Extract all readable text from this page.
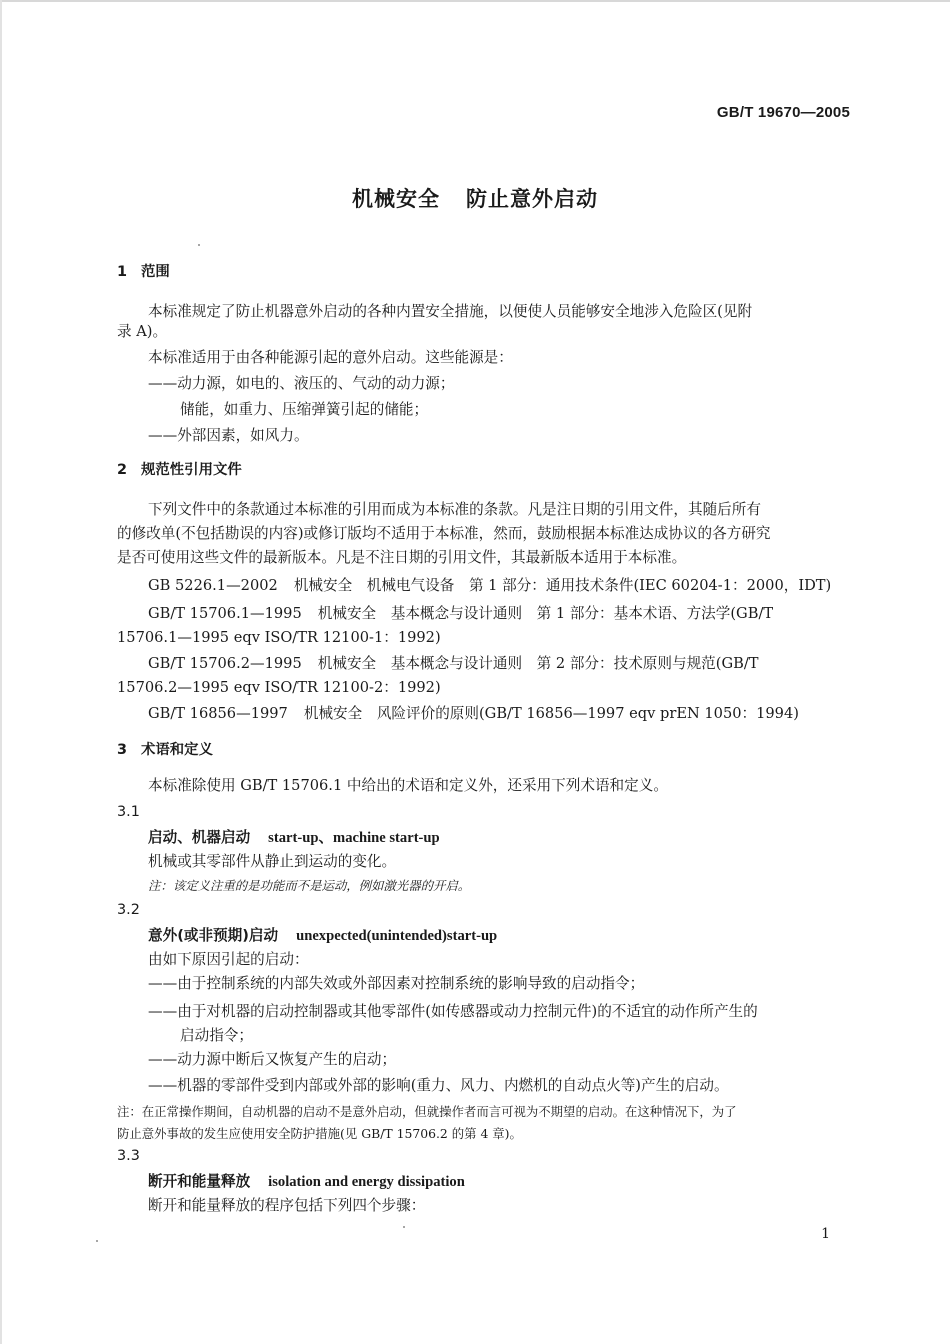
GB/T 19670—2005
机械安全 防止意外启动
1 范围
本标准规定了防止机器意外启动的各种内置安全措施，以便使人员能够安全地涉入危险区(见附
录 A)。
本标准适用于由各种能源引起的意外启动。这些能源是：
——动力源，如电的、液压的、气动的动力源；
储能，如重力、压缩弹簧引起的储能；
——外部因素，如风力。
2 规范性引用文件
下列文件中的条款通过本标准的引用而成为本标准的条款。凡是注日期的引用文件，其随后所有
的修改单(不包括勘误的内容)或修订版均不适用于本标准，然而，鼓励根据本标准达成协议的各方研究
是否可使用这些文件的最新版本。凡是不注日期的引用文件，其最新版本适用于本标准。
GB 5226.1—2002 机械安全　机械电气设备　第 1 部分：通用技术条件(IEC 60204-1：2000，IDT)
GB/T 15706.1—1995 机械安全　基本概念与设计通则　第 1 部分：基本术语、方法学(GB/T
15706.1—1995 eqv ISO/TR 12100-1：1992)
GB/T 15706.2—1995 机械安全　基本概念与设计通则　第 2 部分：技术原则与规范(GB/T
15706.2—1995 eqv ISO/TR 12100-2：1992)
GB/T 16856—1997 机械安全　风险评价的原则(GB/T 16856—1997 eqv prEN 1050：1994)
3 术语和定义
本标准除使用 GB/T 15706.1 中给出的术语和定义外，还采用下列术语和定义。
3.1
启动、机器启动 start-up、machine start-up
机械或其零部件从静止到运动的变化。
注：该定义注重的是功能而不是运动，例如激光器的开启。
3.2
意外(或非预期)启动 unexpected(unintended)start-up
由如下原因引起的启动：
——由于控制系统的内部失效或外部因素对控制系统的影响导致的启动指令；
——由于对机器的启动控制器或其他零部件(如传感器或动力控制元件)的不适宜的动作所产生的
启动指令；
——动力源中断后又恢复产生的启动；
——机器的零部件受到内部或外部的影响(重力、风力、内燃机的自动点火等)产生的启动。
注：在正常操作期间，自动机器的启动不是意外启动，但就操作者而言可视为不期望的启动。在这种情况下，为了
防止意外事故的发生应使用安全防护措施(见 GB/T 15706.2 的第 4 章)。
3.3
断开和能量释放 isolation and energy dissipation
断开和能量释放的程序包括下列四个步骤：
1
